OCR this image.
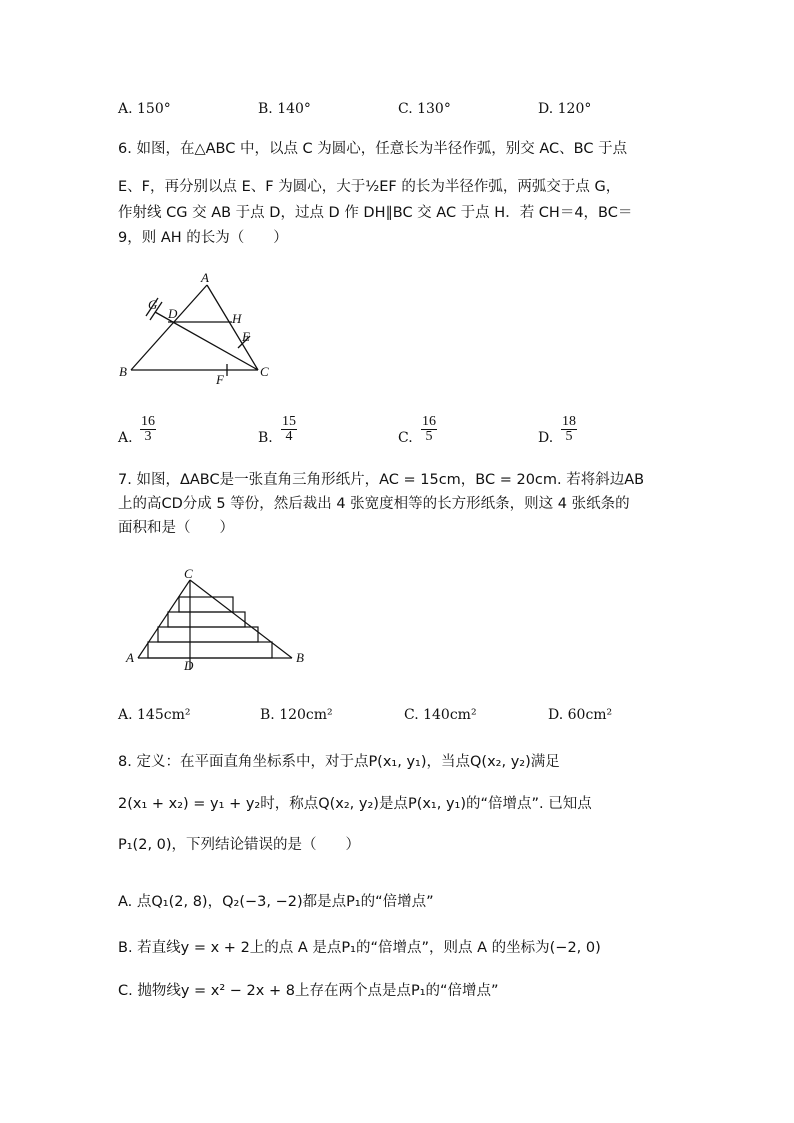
A. 150°	B. 140°	C. 130°	D. 120°
6. 如图，在△ABC 中，以点 C 为圆心，任意长为半径作弧，别交 AC、BC 于点
E、F，再分别以点 E、F 为圆心，大于½EF 的长为半径作弧，两弧交于点 G，
作射线 CG 交 AB 于点 D，过点 D 作 DH∥BC 交 AC 于点 H．若 CH＝4，BC＝
9，则 AH 的长为（　　）
A
B	C
D
E
F
G
H
C
A	B
D
A. $\frac{16}{3}$	B. $\frac{15}{4}$	C. $\frac{16}{5}$	D. $\frac{18}{5}$
7. 如图，ΔABC是一张直角三角形纸片，AC = 15cm，BC = 20cm. 若将斜边AB
上的高CD分成 5 等份，然后裁出 4 张宽度相等的长方形纸条，则这 4 张纸条的
面积和是（　　）
A. 145cm²	B. 120cm²	C. 140cm²	D. 60cm²
8. 定义：在平面直角坐标系中，对于点P(x₁, y₁)，当点Q(x₂, y₂)满足
2(x₁ + x₂) = y₁ + y₂时，称点Q(x₂, y₂)是点P(x₁, y₁)的“倍增点”. 已知点
P₁(2, 0)，下列结论错误的是（　　）
A. 点Q₁(2, 8)，Q₂(−3, −2)都是点P₁的“倍增点”
B. 若直线y = x + 2上的点 A 是点P₁的“倍增点”，则点 A 的坐标为(−2, 0)
C. 抛物线y = x² − 2x + 8上存在两个点是点P₁的“倍增点”
